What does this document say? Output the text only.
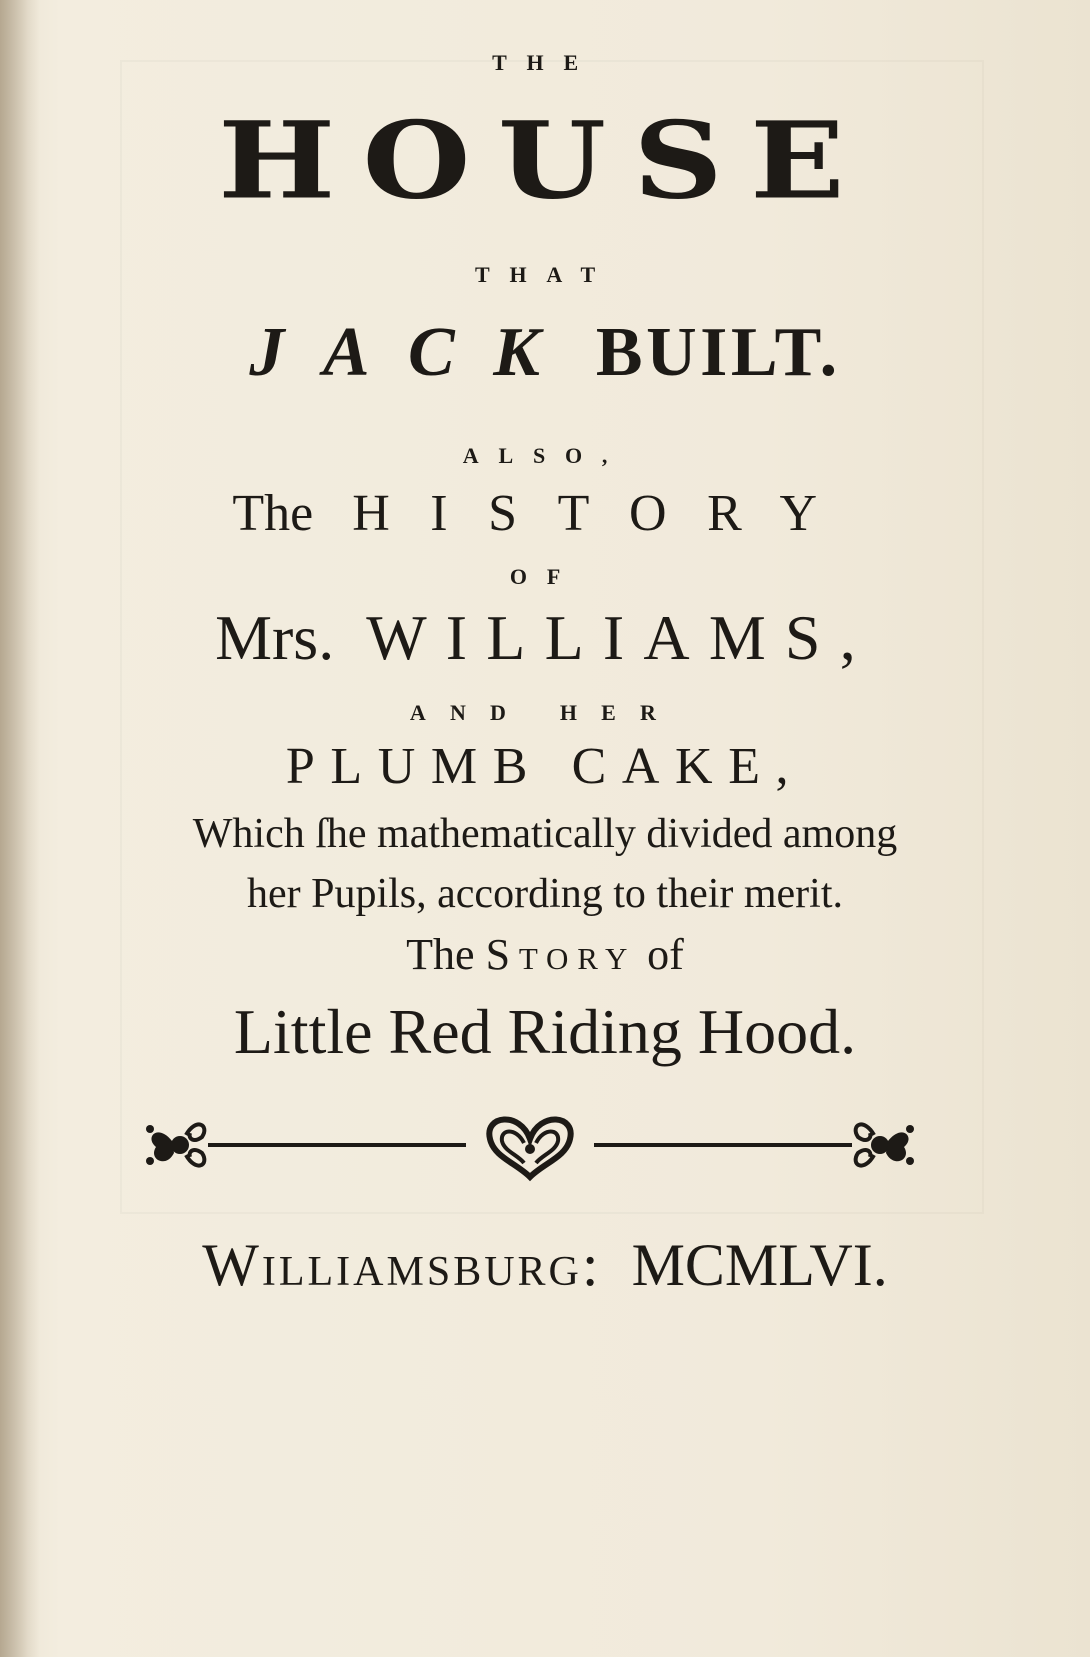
THE
HOUSE
THAT
JACK BUILT.
ALSO,
The HISTORY
OF
Mrs. WILLIAMS,
AND HER
PLUMB CAKE,
Which ſhe mathematically divided among
her Pupils, according to their merit.
The Story of
Little Red Riding Hood.
Williamsburg: MCMLVI.
